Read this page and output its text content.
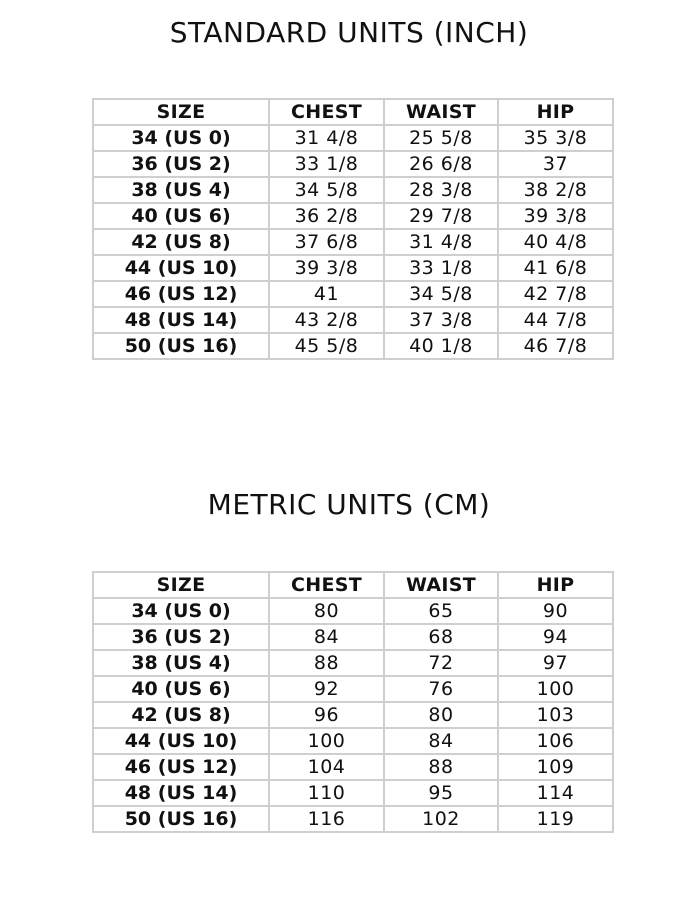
STANDARD UNITS (INCH)
SIZE	CHEST	WAIST	HIP
34 (US 0)	31 4/8	25 5/8	35 3/8
36 (US 2)	33 1/8	26 6/8	37
38 (US 4)	34 5/8	28 3/8	38 2/8
40 (US 6)	36 2/8	29 7/8	39 3/8
42 (US 8)	37 6/8	31 4/8	40 4/8
44 (US 10)	39 3/8	33 1/8	41 6/8
46 (US 12)	41	34 5/8	42 7/8
48 (US 14)	43 2/8	37 3/8	44 7/8
50 (US 16)	45 5/8	40 1/8	46 7/8
METRIC UNITS (CM)
SIZE	CHEST	WAIST	HIP
34 (US 0)	80	65	90
36 (US 2)	84	68	94
38 (US 4)	88	72	97
40 (US 6)	92	76	100
42 (US 8)	96	80	103
44 (US 10)	100	84	106
46 (US 12)	104	88	109
48 (US 14)	110	95	114
50 (US 16)	116	102	119
